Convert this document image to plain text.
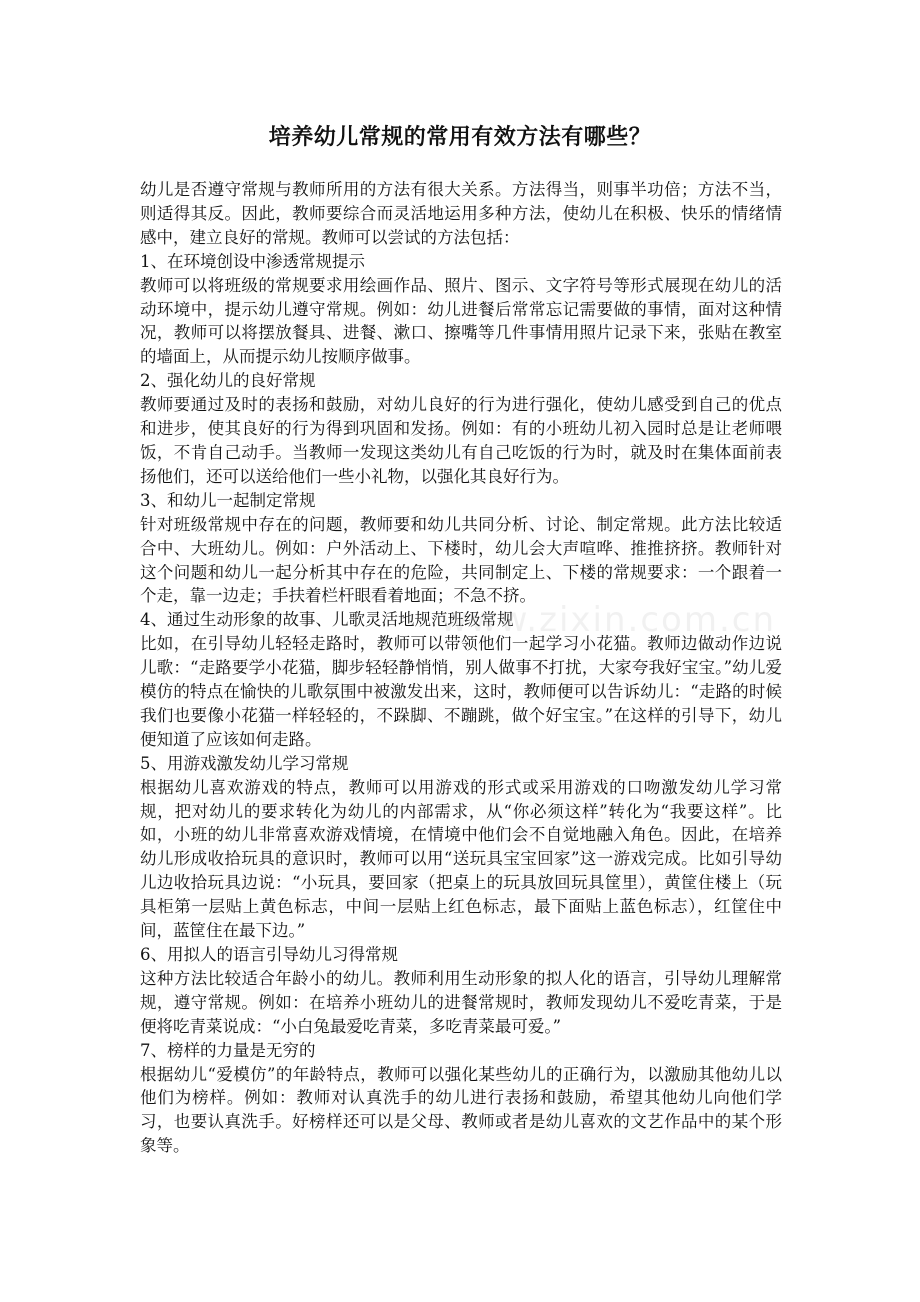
培养幼儿常规的常用有效方法有哪些？

幼儿是否遵守常规与教师所用的方法有很大关系。方法得当，则事半功倍；方法不当，则适得其反。因此，教师要综合而灵活地运用多种方法，使幼儿在积极、快乐的情绪情感中，建立良好的常规。教师可以尝试的方法包括：

1、在环境创设中渗透常规提示

教师可以将班级的常规要求用绘画作品、照片、图示、文字符号等形式展现在幼儿的活动环境中，提示幼儿遵守常规。例如：幼儿进餐后常常忘记需要做的事情，面对这种情况，教师可以将摆放餐具、进餐、漱口、擦嘴等几件事情用照片记录下来，张贴在教室的墙面上，从而提示幼儿按顺序做事。

2、强化幼儿的良好常规

教师要通过及时的表扬和鼓励，对幼儿良好的行为进行强化，使幼儿感受到自己的优点和进步，使其良好的行为得到巩固和发扬。例如：有的小班幼儿初入园时总是让老师喂饭，不肯自己动手。当教师一发现这类幼儿有自己吃饭的行为时，就及时在集体面前表扬他们，还可以送给他们一些小礼物，以强化其良好行为。

3、和幼儿一起制定常规

针对班级常规中存在的问题，教师要和幼儿共同分析、讨论、制定常规。此方法比较适合中、大班幼儿。例如：户外活动上、下楼时，幼儿会大声喧哗、推推挤挤。教师针对这个问题和幼儿一起分析其中存在的危险，共同制定上、下楼的常规要求：一个跟着一个走，靠一边走；手扶着栏杆眼看着地面；不急不挤。

4、通过生动形象的故事、儿歌灵活地规范班级常规

比如，在引导幼儿轻轻走路时，教师可以带领他们一起学习小花猫。教师边做动作边说儿歌：“走路要学小花猫，脚步轻轻静悄悄，别人做事不打扰，大家夸我好宝宝。”幼儿爱模仿的特点在愉快的儿歌氛围中被激发出来，这时，教师便可以告诉幼儿：“走路的时候我们也要像小花猫一样轻轻的，不跺脚、不蹦跳，做个好宝宝。”在这样的引导下，幼儿便知道了应该如何走路。

5、用游戏激发幼儿学习常规

根据幼儿喜欢游戏的特点，教师可以用游戏的形式或采用游戏的口吻激发幼儿学习常规，把对幼儿的要求转化为幼儿的内部需求，从“你必须这样”转化为“我要这样”。比如，小班的幼儿非常喜欢游戏情境，在情境中他们会不自觉地融入角色。因此，在培养幼儿形成收拾玩具的意识时，教师可以用“送玩具宝宝回家”这一游戏完成。比如引导幼儿边收拾玩具边说：“小玩具，要回家（把桌上的玩具放回玩具筐里），黄筐住楼上（玩具柜第一层贴上黄色标志，中间一层贴上红色标志，最下面贴上蓝色标志），红筐住中间，蓝筐住在最下边。”

6、用拟人的语言引导幼儿习得常规

这种方法比较适合年龄小的幼儿。教师利用生动形象的拟人化的语言，引导幼儿理解常规，遵守常规。例如：在培养小班幼儿的进餐常规时，教师发现幼儿不爱吃青菜，于是便将吃青菜说成：“小白兔最爱吃青菜，多吃青菜最可爱。”

7、榜样的力量是无穷的

根据幼儿“爱模仿”的年龄特点，教师可以强化某些幼儿的正确行为，以激励其他幼儿以他们为榜样。例如：教师对认真洗手的幼儿进行表扬和鼓励，希望其他幼儿向他们学习，也要认真洗手。好榜样还可以是父母、教师或者是幼儿喜欢的文艺作品中的某个形象等。

www.zixin.com.cn
